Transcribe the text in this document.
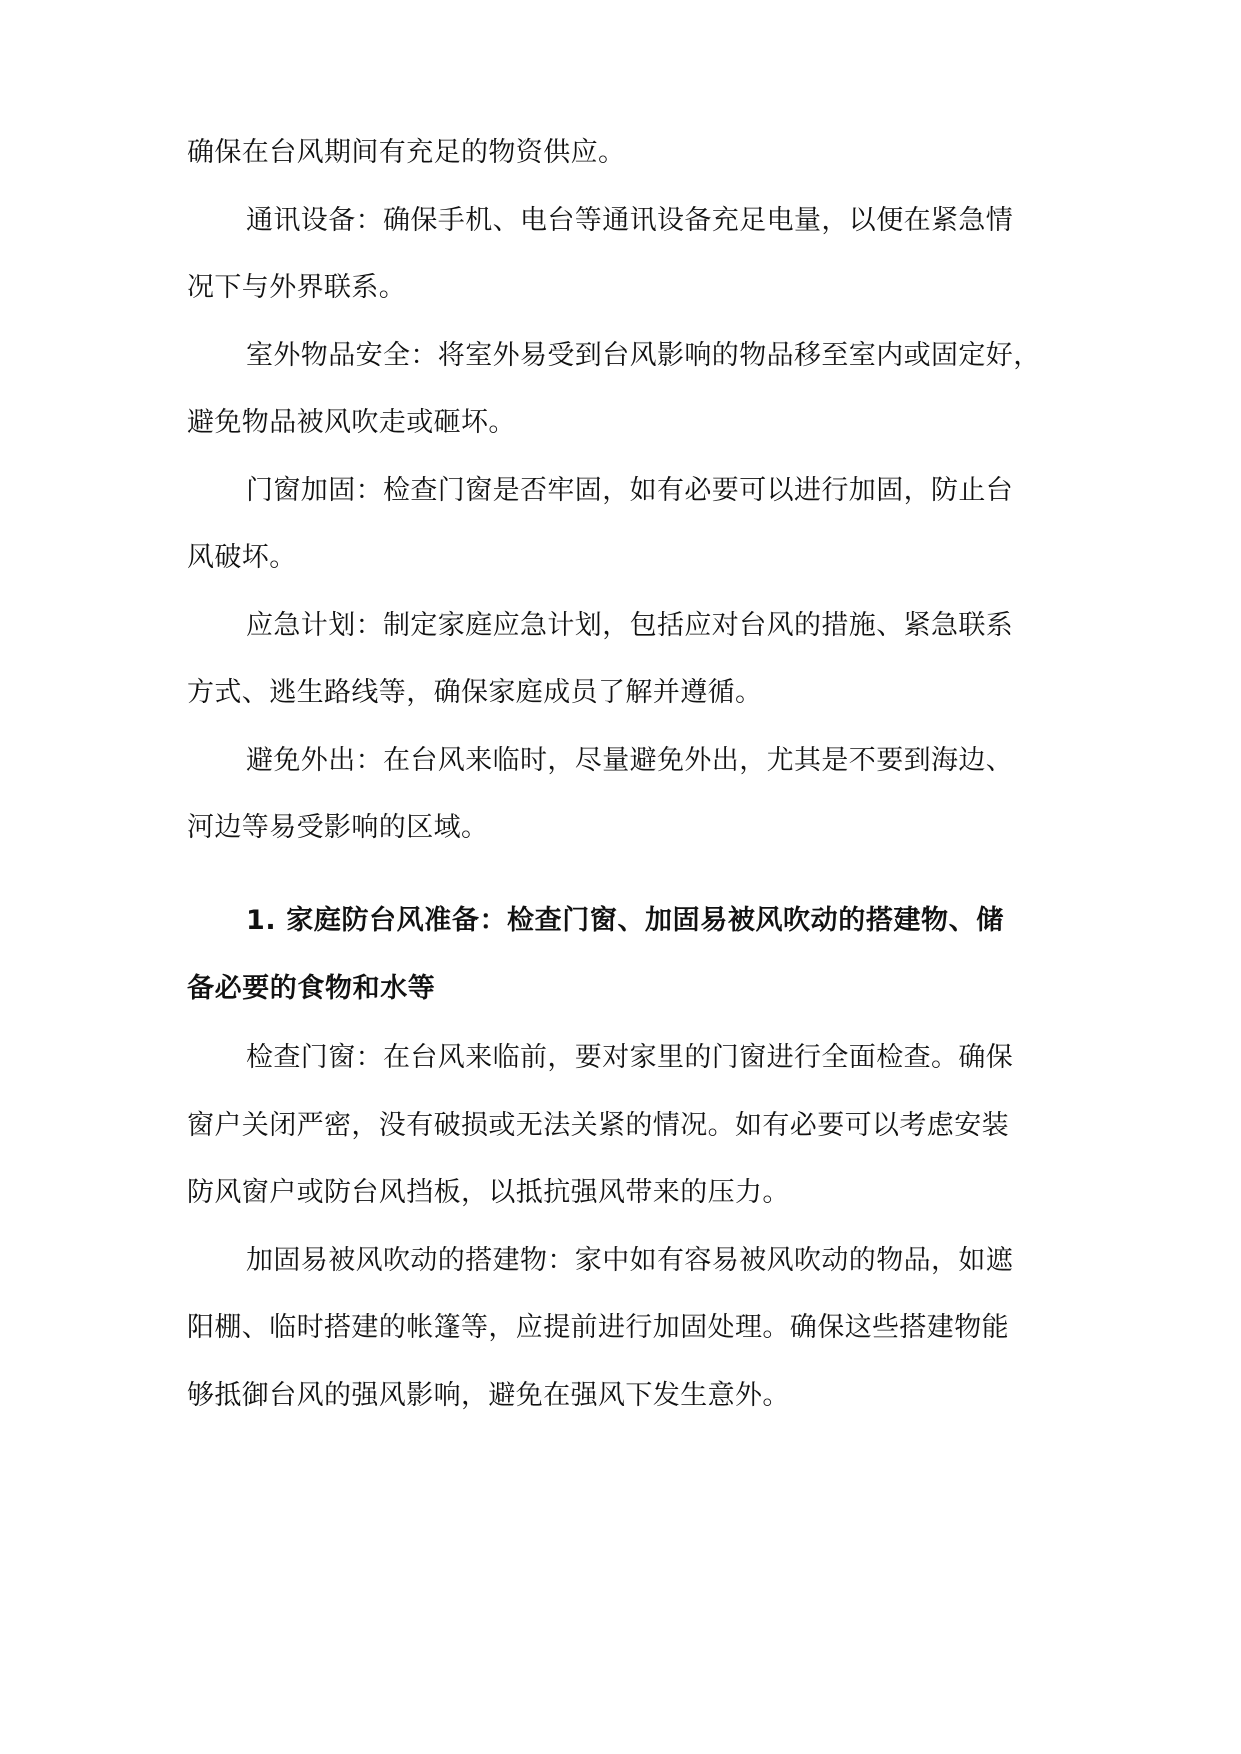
确保在台风期间有充足的物资供应。
通讯设备：确保手机、电台等通讯设备充足电量，以便在紧急情
况下与外界联系。
室外物品安全：将室外易受到台风影响的物品移至室内或固定好，
避免物品被风吹走或砸坏。
门窗加固：检查门窗是否牢固，如有必要可以进行加固，防止台
风破坏。
应急计划：制定家庭应急计划，包括应对台风的措施、紧急联系
方式、逃生路线等，确保家庭成员了解并遵循。
避免外出：在台风来临时，尽量避免外出，尤其是不要到海边、
河边等易受影响的区域。
1. 家庭防台风准备：检查门窗、加固易被风吹动的搭建物、储
备必要的食物和水等
检查门窗：在台风来临前，要对家里的门窗进行全面检查。确保
窗户关闭严密，没有破损或无法关紧的情况。如有必要可以考虑安装
防风窗户或防台风挡板，以抵抗强风带来的压力。
加固易被风吹动的搭建物：家中如有容易被风吹动的物品，如遮
阳棚、临时搭建的帐篷等，应提前进行加固处理。确保这些搭建物能
够抵御台风的强风影响，避免在强风下发生意外。
